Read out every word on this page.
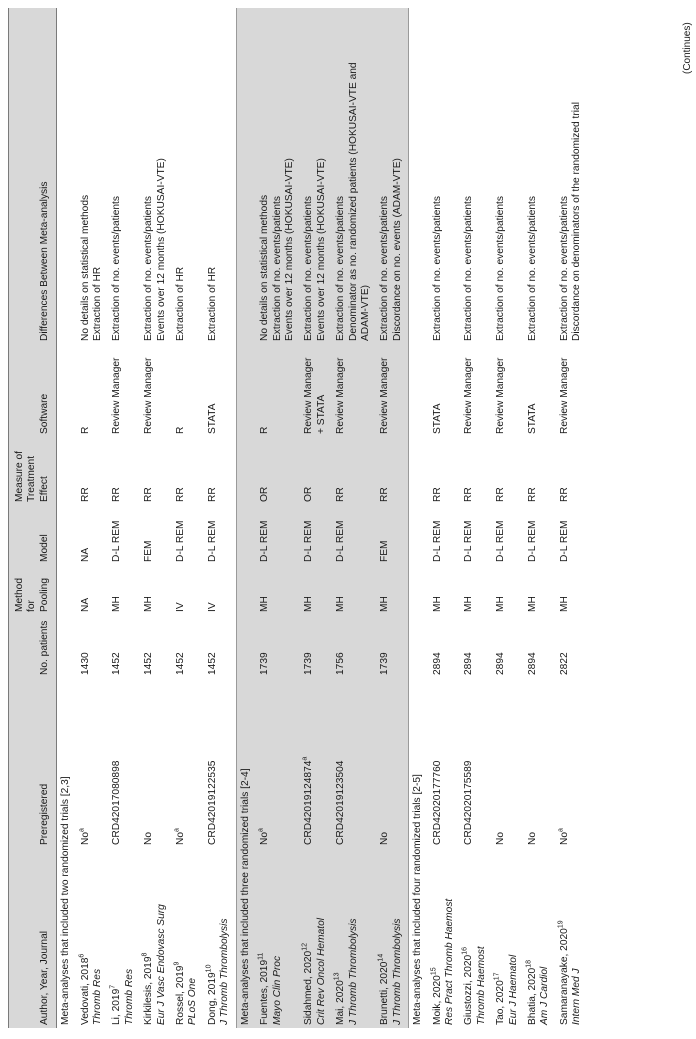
Author, Year, Journal	Preregistered	No. patients	Method for Pooling	Model	Measure of Treatment Effect	Software	Differences Between Meta-analysis
Meta-analyses that included two randomized trials [2,3]							
Vedovati, 2018$^6$
Thromb Res	No$^a$	1430	NA	NA	RR	R	No details on statistical methods Extraction of HR

Li, 2019$^7$ Thromb Res	CRD42017080898	1452	MH	D-L REM	RR	Review Manager	Extraction of no. events/patients

Kirkilesis, 2019$^8$ Eur J Vasc Endovasc Surg	No	1452	MH	FEM	RR	Review Manager	Extraction of no. events/patients Events over 12 months (HOKUSAI-VTE)

Rossel, 2019$^9$
PLoS One	No$^a$	1452	IV	D-L REM	RR	R	Extraction of HR

Dong, 2019$^{10}$ J Thromb Thrombolysis	CRD42019122535	1452	IV	D-L REM	RR	STATA	Extraction of HR

Meta-analyses that included three randomized trials [2-4]							
Fuentes, 2019$^{11}$ Mayo Clin Proc	No$^a$	1739	MH	D-L REM	OR	R	No details on statistical methods Extraction of no. events/patients Events over 12 months (HOKUSAI-VTE)

Sidahmed, 2020$^{12}$ Crit Rev Oncol Hematol	CRD42019124874$^a$	1739	MH	D-L REM	OR	Review Manager + STATA	Extraction of no. events/patients Events over 12 months (HOKUSAI-VTE)

Mai, 2020$^{13}$ J Thromb Thrombolysis	CRD42019123504	1756	MH	D-L REM	RR	Review Manager	Extraction of no. events/patients Denominator as no. randomized patients (HOKUSAI-VTE and ADAM-VTE)

Brunetti, 2020$^{14}$ J Thromb Thrombolysis	No	1739	MH	FEM	RR	Review Manager	Extraction of no. events/patients Discordance on no. events (ADAM-VTE)

Meta-analyses that included four randomized trials [2-5]							
Moik, 2020$^{15}$ Res Pract Thromb Haemost	CRD42020177760	2894	MH	D-L REM	RR	STATA	Extraction of no. events/patients

Giustozzi, 2020$^{16}$ Thromb Haemost	CRD42020175589	2894	MH	D-L REM	RR	Review Manager	Extraction of no. events/patients

Tao, 2020$^{17}$ Eur J Haematol	No	2894	MH	D-L REM	RR	Review Manager	Extraction of no. events/patients

Bhatia, 2020$^{18}$
Am J Cardiol	No	2894	MH	D-L REM	RR	STATA	Extraction of no. events/patients

Samaranayake, 2020$^{19}$
Intern Med J	No$^a$	2822	MH	D-L REM	RR	Review Manager	Extraction of no. events/patients Discordance on denominators of the randomized trial
(Continues)
